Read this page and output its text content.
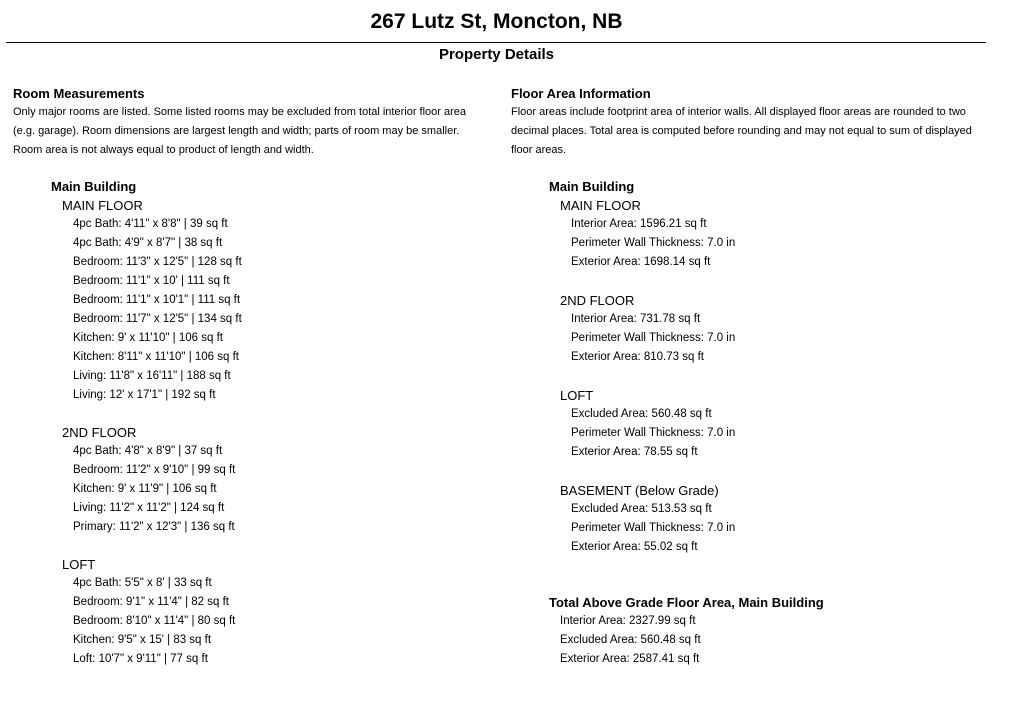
267 Lutz St, Moncton, NB
Property Details
Room Measurements
Only major rooms are listed. Some listed rooms may be excluded from total interior floor area
(e.g. garage). Room dimensions are largest length and width; parts of room may be smaller.
Room area is not always equal to product of length and width.
Floor Area Information
Floor areas include footprint area of interior walls. All displayed floor areas are rounded to two
decimal places. Total area is computed before rounding and may not equal to sum of displayed
floor areas.
Main Building
MAIN FLOOR
4pc Bath: 4'11" x 8'8" | 39 sq ft
4pc Bath: 4'9" x 8'7" | 38 sq ft
Bedroom: 11'3" x 12'5" | 128 sq ft
Bedroom: 11'1" x 10' | 111 sq ft
Bedroom: 11'1" x 10'1" | 111 sq ft
Bedroom: 11'7" x 12'5" | 134 sq ft
Kitchen: 9' x 11'10" | 106 sq ft
Kitchen: 8'11" x 11'10" | 106 sq ft
Living: 11'8" x 16'11" | 188 sq ft
Living: 12' x 17'1" | 192 sq ft
2ND FLOOR
4pc Bath: 4'8" x 8'9" | 37 sq ft
Bedroom: 11'2" x 9'10" | 99 sq ft
Kitchen: 9' x 11'9" | 106 sq ft
Living: 11'2" x 11'2" | 124 sq ft
Primary: 11'2" x 12'3" | 136 sq ft
LOFT
4pc Bath: 5'5" x 8' | 33 sq ft
Bedroom: 9'1" x 11'4" | 82 sq ft
Bedroom: 8'10" x 11'4" | 80 sq ft
Kitchen: 9'5" x 15' | 83 sq ft
Loft: 10'7" x 9'11" | 77 sq ft
Main Building
MAIN FLOOR
Interior Area: 1596.21 sq ft
Perimeter Wall Thickness: 7.0 in
Exterior Area: 1698.14 sq ft
2ND FLOOR
Interior Area: 731.78 sq ft
Perimeter Wall Thickness: 7.0 in
Exterior Area: 810.73 sq ft
LOFT
Excluded Area: 560.48 sq ft
Perimeter Wall Thickness: 7.0 in
Exterior Area: 78.55 sq ft
BASEMENT (Below Grade)
Excluded Area: 513.53 sq ft
Perimeter Wall Thickness: 7.0 in
Exterior Area: 55.02 sq ft
Total Above Grade Floor Area, Main Building
Interior Area: 2327.99 sq ft
Excluded Area: 560.48 sq ft
Exterior Area: 2587.41 sq ft
